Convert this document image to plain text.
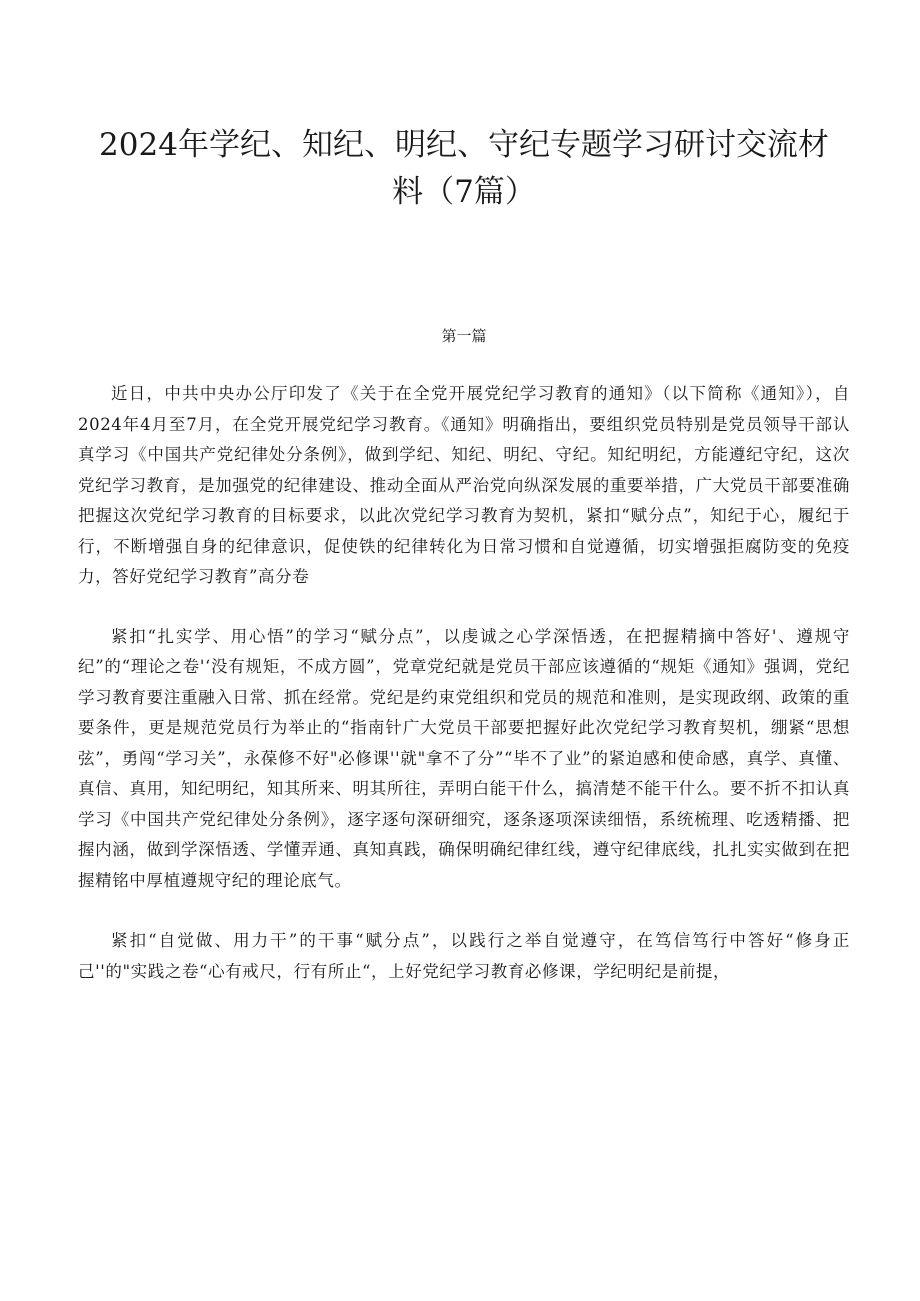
2024年学纪、知纪、明纪、守纪专题学习研讨交流材料（7篇）
第一篇

近日，中共中央办公厅印发了《关于在全党开展党纪学习教育的通知》（以下简称《通知》），自2024年4月至7月，在全党开展党纪学习教育。《通知》明确指出，要组织党员特别是党员领导干部认真学习《中国共产党纪律处分条例》，做到学纪、知纪、明纪、守纪。知纪明纪，方能遵纪守纪，这次党纪学习教育，是加强党的纪律建设、推动全面从严治党向纵深发展的重要举措，广大党员干部要准确把握这次党纪学习教育的目标要求，以此次党纪学习教育为契机，紧扣“赋分点”，知纪于心，履纪于行，不断增强自身的纪律意识，促使铁的纪律转化为日常习惯和自觉遵循，切实增强拒腐防变的免疫力，答好党纪学习教育”高分卷

紧扣“扎实学、用心悟”的学习“赋分点”，以虔诚之心学深悟透，在把握精摘中答好'、遵规守纪”的“理论之卷'‘没有规矩，不成方圆”，党章党纪就是党员干部应该遵循的“规矩《通知》强调，党纪学习教育要注重融入日常、抓在经常。党纪是约束党组织和党员的规范和准则，是实现政纲、政策的重要条件，更是规范党员行为举止的“指南针广大党员干部要把握好此次党纪学习教育契机，绷紧“思想弦”，勇闯“学习关”，永葆修不好"必修课''就"拿不了分”“毕不了业”的紧迫感和使命感，真学、真懂、真信、真用，知纪明纪，知其所来、明其所往，弄明白能干什么，搞清楚不能干什么。要不折不扣认真学习《中国共产党纪律处分条例》，逐字逐句深研细究，逐条逐项深读细悟，系统梳理、吃透精播、把握内涵，做到学深悟透、学懂弄通、真知真践，确保明确纪律红线，遵守纪律底线，扎扎实实做到在把握精铭中厚植遵规守纪的理论底气。

紧扣“自觉做、用力干”的干事“赋分点”，以践行之举自觉遵守，在笃信笃行中答好“修身正己''的"实践之卷“心有戒尺，行有所止“，上好党纪学习教育必修课，学纪明纪是前提，
